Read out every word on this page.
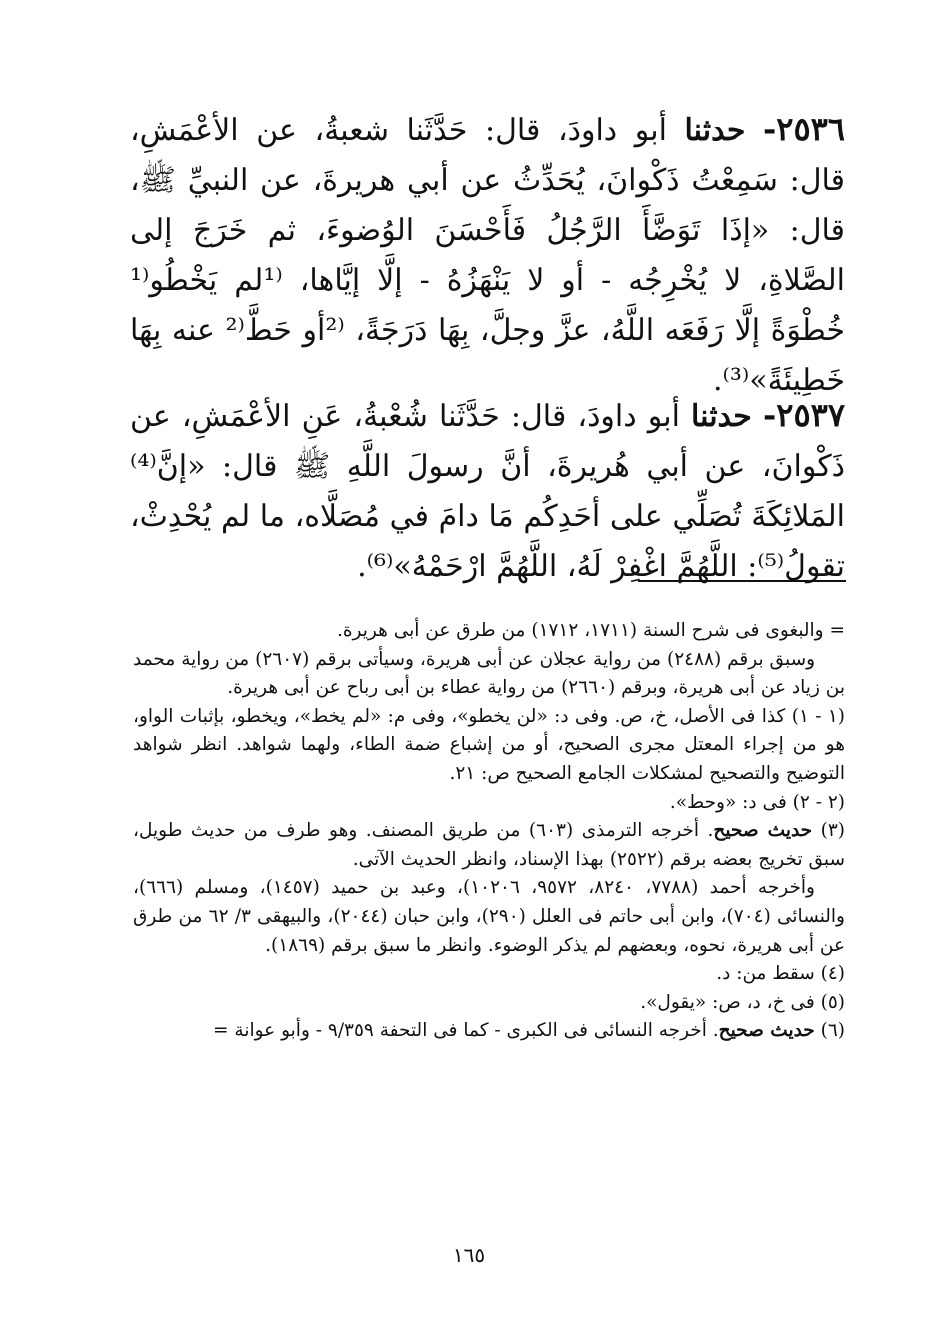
٢٥٣٦- حدثنا أبو داودَ، قال: حَدَّثَنا شعبةُ، عن الأعْمَشِ، قال: سَمِعْتُ ذَكْوانَ، يُحَدِّثُ عن أبي هريرةَ، عن النبيِّ ﷺ، قال: «إذَا تَوَضَّأَ الرَّجُلُ فَأَحْسَنَ الوُضوءَ، ثم خَرَجَ إلى الصَّلاةِ، لا يُخْرِجُه - أو لا يَنْهَزُهُ - إلَّا إيَّاها، ⁽¹لم يَخْطُو⁽¹ خُطْوَةً إلَّا رَفَعَه اللَّهُ، عزَّ وجلَّ، بِهَا دَرَجَةً، ⁽²أو حَطَّ⁽² عنه بِهَا خَطِيئَةً»⁽³⁾.

٢٥٣٧- حدثنا أبو داودَ، قال: حَدَّثَنا شُعْبةُ، عَنِ الأعْمَشِ، عن ذَكْوانَ، عن أبي هُريرةَ، أنَّ رسولَ اللَّهِ ﷺ قال: «إنَّ⁽⁴⁾ المَلائِكَةَ تُصَلِّي على أحَدِكُم مَا دامَ في مُصَلَّاه، ما لم يُحْدِثْ، تقولُ⁽⁵⁾: اللَّهُمَّ اغْفِرْ لَهُ، اللَّهُمَّ ارْحَمْهُ»⁽⁶⁾.

= والبغوى فى شرح السنة (١٧١١، ١٧١٢) من طرق عن أبى هريرة.
وسبق برقم (٢٤٨٨) من رواية عجلان عن أبى هريرة، وسيأتى برقم (٢٦٠٧) من رواية محمد بن زياد عن أبى هريرة، وبرقم (٢٦٦٠) من رواية عطاء بن أبى رباح عن أبى هريرة.
(١ - ١) كذا فى الأصل، خ، ص. وفى د: «لن يخطو»، وفى م: «لم يخط»، ويخطو، بإثبات الواو، هو من إجراء المعتل مجرى الصحيح، أو من إشباع ضمة الطاء، ولهما شواهد. انظر شواهد التوضيح والتصحيح لمشكلات الجامع الصحيح ص: ٢١.
(٢ - ٢) فى د: «وحط».
(٣) حديث صحيح. أخرجه الترمذى (٦٠٣) من طريق المصنف. وهو طرف من حديث طويل، سبق تخريج بعضه برقم (٢٥٢٢) بهذا الإسناد، وانظر الحديث الآتى.
وأخرجه أحمد (٧٧٨٨، ٨٢٤٠، ٩٥٧٢، ١٠٢٠٦)، وعبد بن حميد (١٤٥٧)، ومسلم (٦٦٦)، والنسائى (٧٠٤)، وابن أبى حاتم فى العلل (٢٩٠)، وابن حبان (٢٠٤٤)، والبيهقى ٣/ ٦٢ من طرق عن أبى هريرة، نحوه، وبعضهم لم يذكر الوضوء. وانظر ما سبق برقم (١٨٦٩).
(٤) سقط من: د.
(٥) فى خ، د، ص: «يقول».
(٦) حديث صحيح. أخرجه النسائى فى الكبرى - كما فى التحفة ٩/٣٥٩ - وأبو عوانة =
١٦٥
